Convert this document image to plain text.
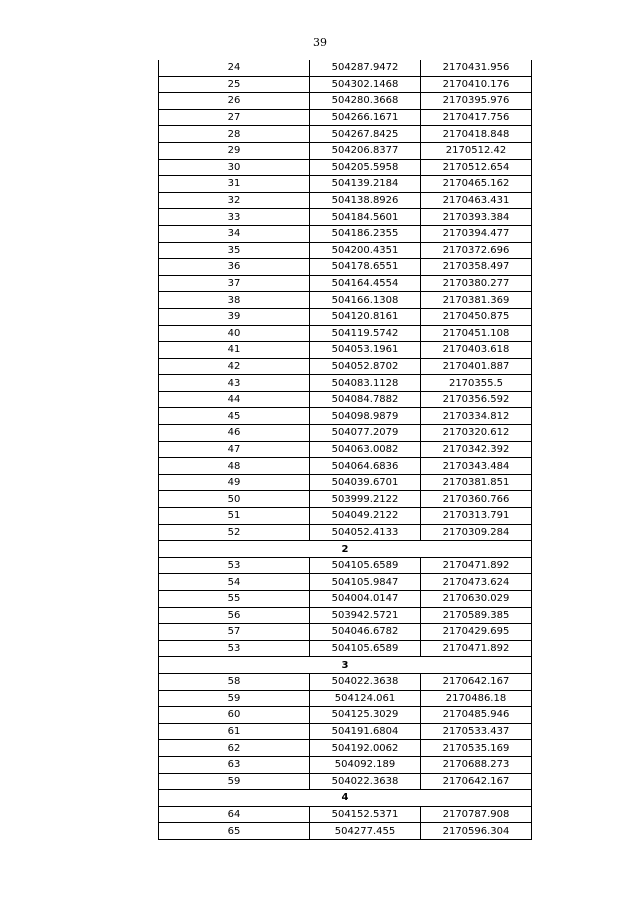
39
24	504287.9472	2170431.956
25	504302.1468	2170410.176
26	504280.3668	2170395.976
27	504266.1671	2170417.756
28	504267.8425	2170418.848
29	504206.8377	2170512.42
30	504205.5958	2170512.654
31	504139.2184	2170465.162
32	504138.8926	2170463.431
33	504184.5601	2170393.384
34	504186.2355	2170394.477
35	504200.4351	2170372.696
36	504178.6551	2170358.497
37	504164.4554	2170380.277
38	504166.1308	2170381.369
39	504120.8161	2170450.875
40	504119.5742	2170451.108
41	504053.1961	2170403.618
42	504052.8702	2170401.887
43	504083.1128	2170355.5
44	504084.7882	2170356.592
45	504098.9879	2170334.812
46	504077.2079	2170320.612
47	504063.0082	2170342.392
48	504064.6836	2170343.484
49	504039.6701	2170381.851
50	503999.2122	2170360.766
51	504049.2122	2170313.791
52	504052.4133	2170309.284
2		
53	504105.6589	2170471.892
54	504105.9847	2170473.624
55	504004.0147	2170630.029
56	503942.5721	2170589.385
57	504046.6782	2170429.695
53	504105.6589	2170471.892
3		
58	504022.3638	2170642.167
59	504124.061	2170486.18
60	504125.3029	2170485.946
61	504191.6804	2170533.437
62	504192.0062	2170535.169
63	504092.189	2170688.273
59	504022.3638	2170642.167
4		
64	504152.5371	2170787.908
65	504277.455	2170596.304
